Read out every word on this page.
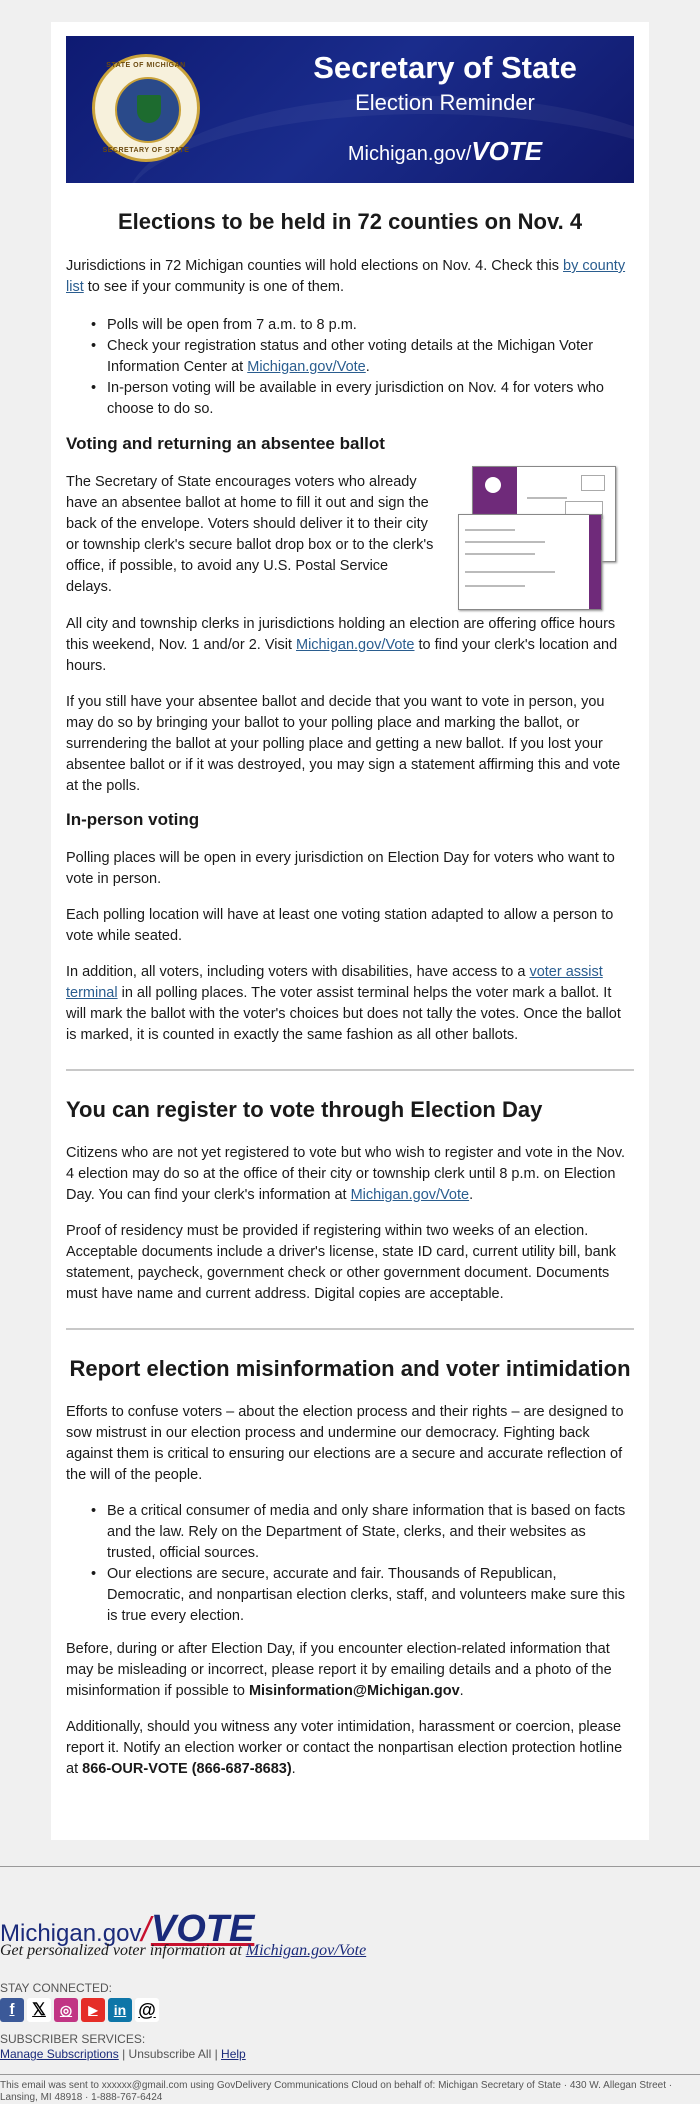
STATE OF MICHIGAN
SECRETARY OF STATE
Secretary of State
Election Reminder
Michigan.gov/VOTE
Elections to be held in 72 counties on Nov. 4

Jurisdictions in 72 Michigan counties will hold elections on Nov. 4. Check this by county list to see if your community is one of them.

• Polls will be open from 7 a.m. to 8 p.m.
• Check your registration status and other voting details at the Michigan Voter Information Center at Michigan.gov/Vote.
• In-person voting will be available in every jurisdiction on Nov. 4 for voters who choose to do so.
Voting and returning an absentee ballot

The Secretary of State encourages voters who already have an absentee ballot at home to fill it out and sign the back of the envelope. Voters should deliver it to their city or township clerk's secure ballot drop box or to the clerk's office, if possible, to avoid any U.S. Postal Service delays.

All city and township clerks in jurisdictions holding an election are offering office hours this weekend, Nov. 1 and/or 2. Visit Michigan.gov/Vote to find your clerk's location and hours.

If you still have your absentee ballot and decide that you want to vote in person, you may do so by bringing your ballot to your polling place and marking the ballot, or surrendering the ballot at your polling place and getting a new ballot. If you lost your absentee ballot or if it was destroyed, you may sign a statement affirming this and vote at the polls.

In-person voting

Polling places will be open in every jurisdiction on Election Day for voters who want to vote in person.

Each polling location will have at least one voting station adapted to allow a person to vote while seated.

In addition, all voters, including voters with disabilities, have access to a voter assist terminal in all polling places. The voter assist terminal helps the voter mark a ballot. It will mark the ballot with the voter's choices but does not tally the votes. Once the ballot is marked, it is counted in exactly the same fashion as all other ballots.

You can register to vote through Election Day

Citizens who are not yet registered to vote but who wish to register and vote in the Nov. 4 election may do so at the office of their city or township clerk until 8 p.m. on Election Day. You can find your clerk's information at Michigan.gov/Vote.

Proof of residency must be provided if registering within two weeks of an election. Acceptable documents include a driver's license, state ID card, current utility bill, bank statement, paycheck, government check or other government document. Documents must have name and current address. Digital copies are acceptable.

Report election misinformation and voter intimidation

Efforts to confuse voters – about the election process and their rights – are designed to sow mistrust in our election process and undermine our democracy. Fighting back against them is critical to ensuring our elections are a secure and accurate reflection of the will of the people.

• Be a critical consumer of media and only share information that is based on facts and the law. Rely on the Department of State, clerks, and their websites as trusted, official sources.
• Our elections are secure, accurate and fair. Thousands of Republican, Democratic, and nonpartisan election clerks, staff, and volunteers make sure this is true every election.

Before, during or after Election Day, if you encounter election-related information that may be misleading or incorrect, please report it by emailing details and a photo of the misinformation if possible to Misinformation@Michigan.gov.

Additionally, should you witness any voter intimidation, harassment or coercion, please report it. Notify an election worker or contact the nonpartisan election protection hotline at 866-OUR-VOTE (866-687-8683).

Michigan.gov/VOTE
Get personalized voter information at Michigan.gov/Vote
STAY CONNECTED:
f 𝕏 ◎ ▶ in @
SUBSCRIBER SERVICES:
Manage Subscriptions | Unsubscribe All | Help
This email was sent to xxxxxx@gmail.com using GovDelivery Communications Cloud on behalf of: Michigan Secretary of State · 430 W. Allegan Street · Lansing, MI 48918 · 1-888-767-6424
